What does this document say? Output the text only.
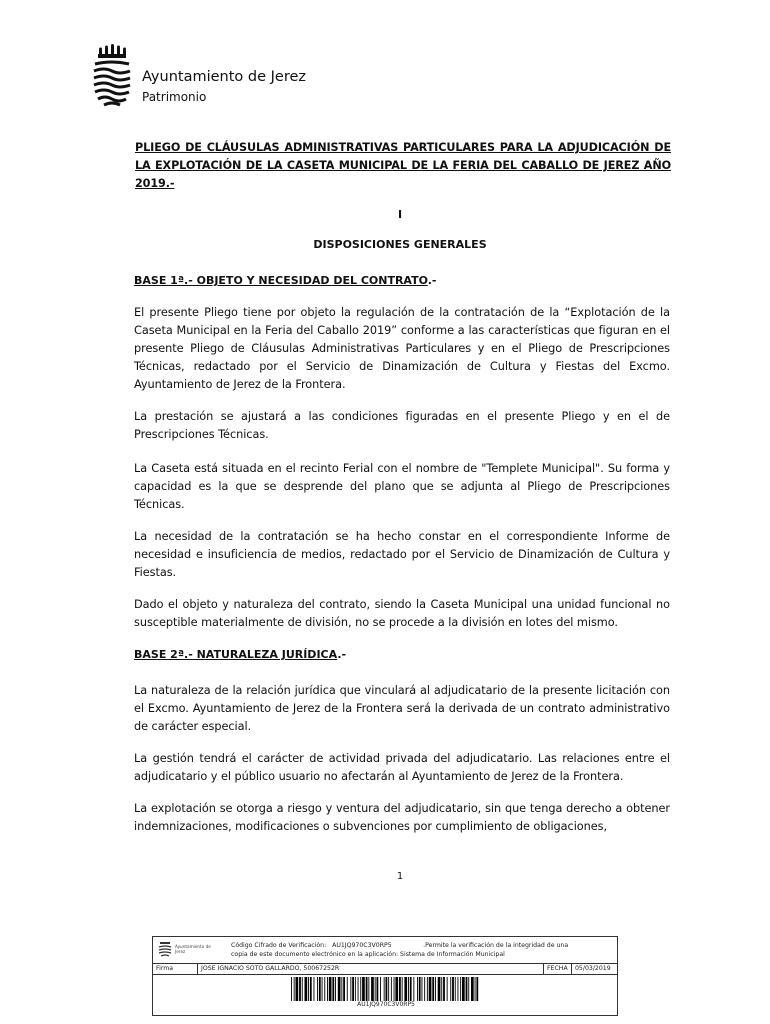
Ayuntamiento de Jerez
Patrimonio
PLIEGO DE CLÁUSULAS ADMINISTRATIVAS PARTICULARES PARA LA ADJUDICACIÓN DE LA EXPLOTACIÓN DE LA CASETA MUNICIPAL DE LA FERIA DEL CABALLO DE JEREZ AÑO 2019.-
I
DISPOSICIONES GENERALES
BASE 1ª.- OBJETO Y NECESIDAD DEL CONTRATO.-
El presente Pliego tiene por objeto la regulación de la contratación de la “Explotación de la Caseta Municipal en la Feria del Caballo 2019” conforme a las características que figuran en el presente Pliego de Cláusulas Administrativas Particulares y en el Pliego de Prescripciones Técnicas, redactado por el Servicio de Dinamización de Cultura y Fiestas del Excmo. Ayuntamiento de Jerez de la Frontera.
La prestación se ajustará a las condiciones figuradas en el presente Pliego y en el de Prescripciones Técnicas.
La Caseta está situada en el recinto Ferial con el nombre de "Templete Municipal". Su forma y capacidad es la que se desprende del plano que se adjunta al Pliego de Prescripciones Técnicas.
La necesidad de la contratación se ha hecho constar en el correspondiente Informe de necesidad e insuficiencia de medios, redactado por el Servicio de Dinamización de Cultura y Fiestas.
Dado el objeto y naturaleza del contrato, siendo la Caseta Municipal una unidad funcional no susceptible materialmente de división, no se procede a la división en lotes del mismo.
BASE 2ª.- NATURALEZA JURÍDICA.-
La naturaleza de la relación jurídica que vinculará al adjudicatario de la presente licitación con el Excmo. Ayuntamiento de Jerez de la Frontera será la derivada de un contrato administrativo de carácter especial.
La gestión tendrá el carácter de actividad privada del adjudicatario. Las relaciones entre el adjudicatario y el público usuario no afectarán al Ayuntamiento de Jerez de la Frontera.
La explotación se otorga a riesgo y ventura del adjudicatario, sin que tenga derecho a obtener indemnizaciones, modificaciones o subvenciones por cumplimiento de obligaciones,
1
Ayuntamiento de Jerez
Código Cifrado de Verificación:   AU1JQ970C3V0RP5                .Permite la verificación de la integridad de una
copia de este documento electrónico en la aplicación: Sistema de Información Municipal
Firma	JOSE IGNACIO SOTO GALLARDO, 50067252R	FECHA	05/03/2019
AU1JQ970C3V0RP5
